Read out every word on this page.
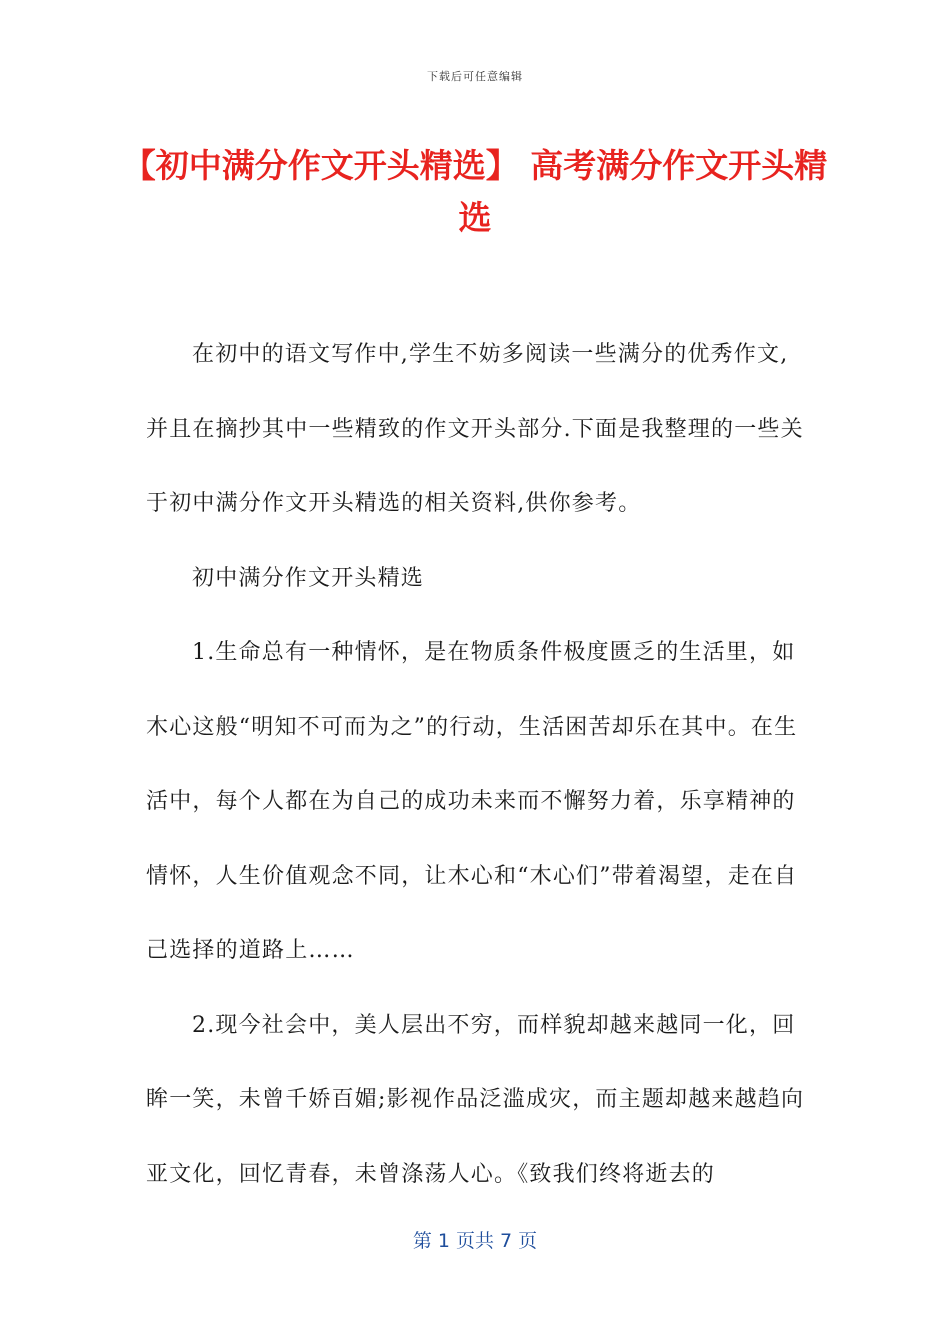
下载后可任意编辑
【初中满分作文开头精选】 高考满分作文开头精选

在初中的语文写作中,学生不妨多阅读一些满分的优秀作文,并且在摘抄其中一些精致的作文开头部分.下面是我整理的一些关于初中满分作文开头精选的相关资料,供你参考。

初中满分作文开头精选

1.生命总有一种情怀，是在物质条件极度匮乏的生活里，如木心这般“明知不可而为之”的行动，生活困苦却乐在其中。在生活中，每个人都在为自己的成功未来而不懈努力着，乐享精神的情怀，人生价值观念不同，让木心和“木心们”带着渴望，走在自己选择的道路上……

2.现今社会中，美人层出不穷，而样貌却越来越同一化，回眸一笑，未曾千娇百媚;影视作品泛滥成灾，而主题却越来越趋向亚文化，回忆青春，未曾涤荡人心。《致我们终将逝去的

第 1 页共 7 页
